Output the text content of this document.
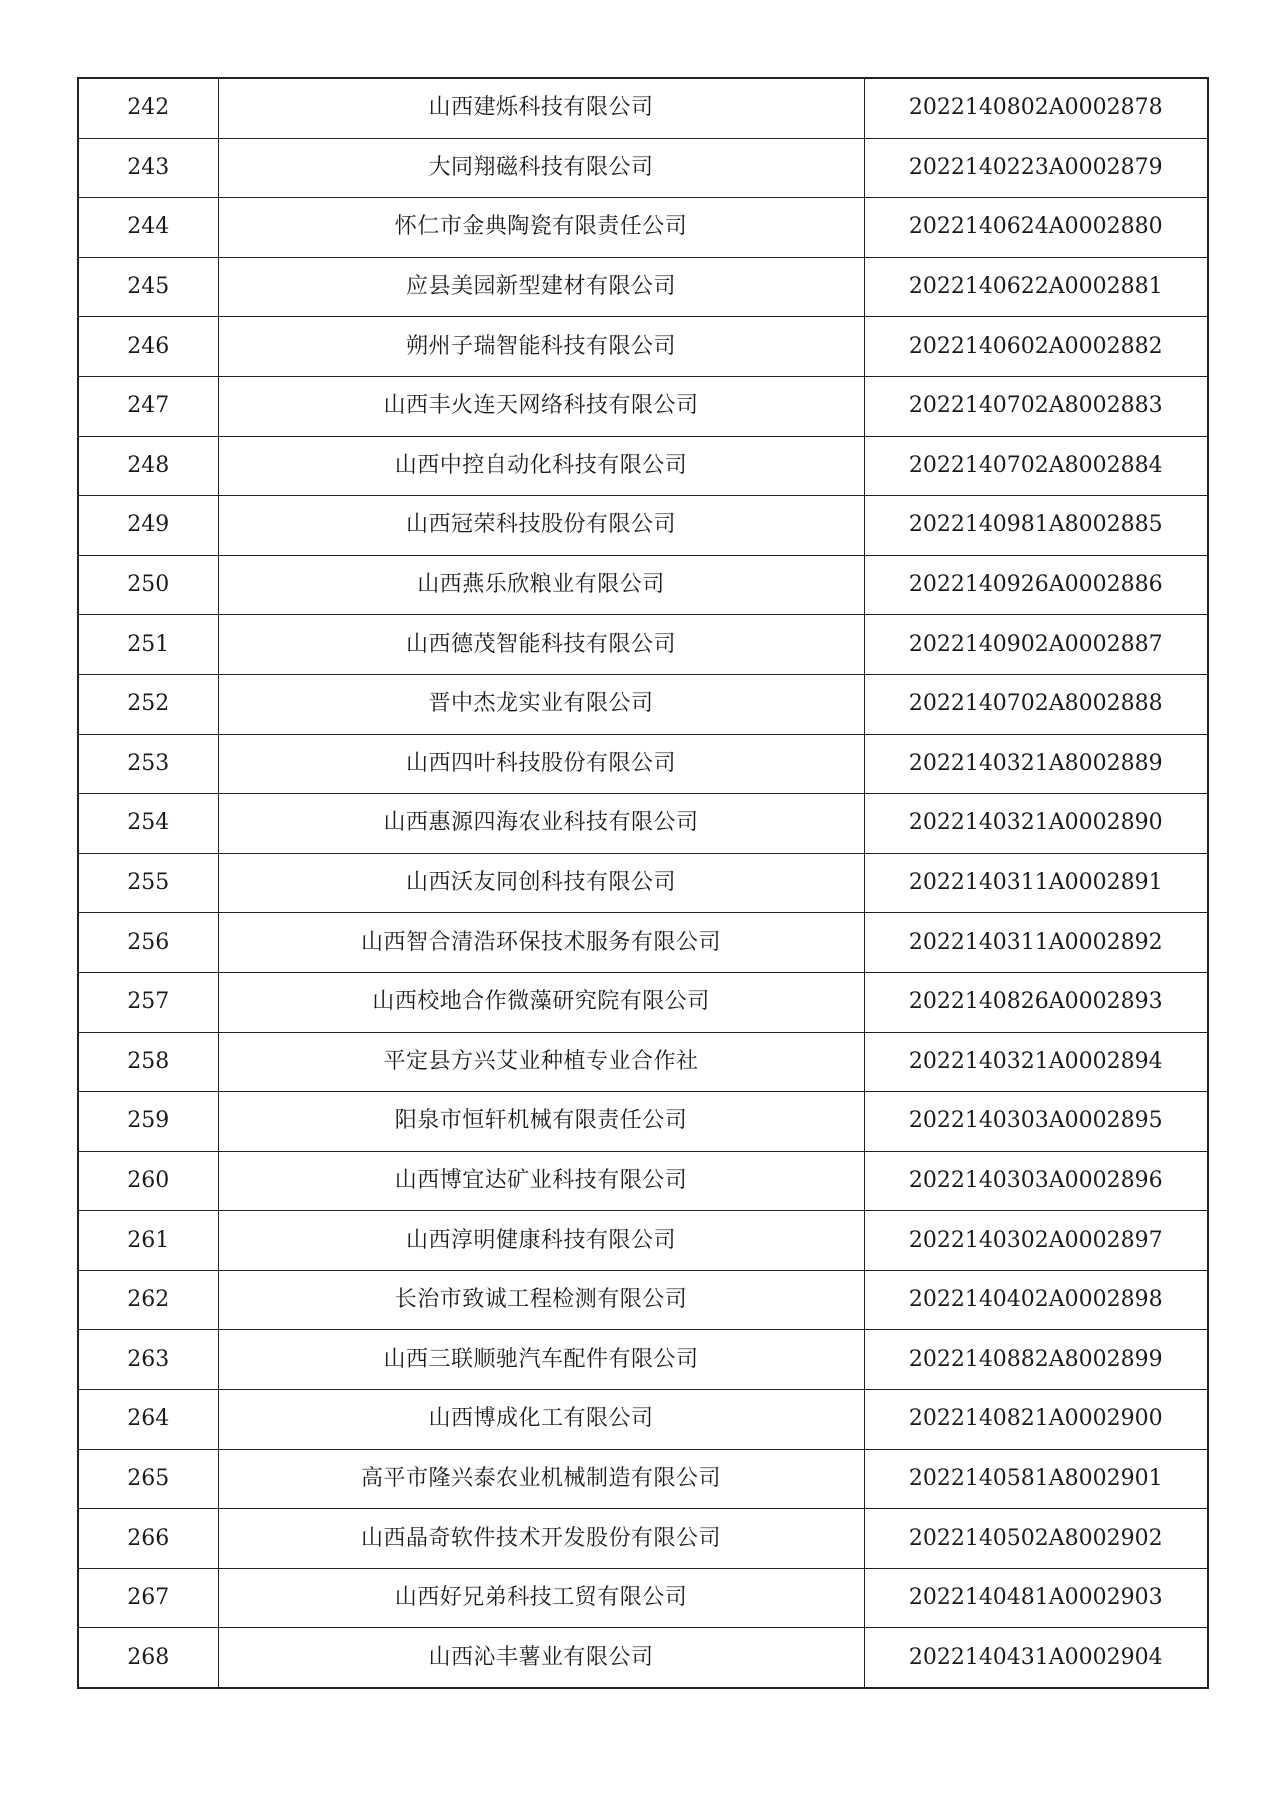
242	山西建烁科技有限公司	2022140802A0002878
243	大同翔磁科技有限公司	2022140223A0002879
244	怀仁市金典陶瓷有限责任公司	2022140624A0002880
245	应县美园新型建材有限公司	2022140622A0002881
246	朔州子瑞智能科技有限公司	2022140602A0002882
247	山西丰火连天网络科技有限公司	2022140702A8002883
248	山西中控自动化科技有限公司	2022140702A8002884
249	山西冠荣科技股份有限公司	2022140981A8002885
250	山西燕乐欣粮业有限公司	2022140926A0002886
251	山西德茂智能科技有限公司	2022140902A0002887
252	晋中杰龙实业有限公司	2022140702A8002888
253	山西四叶科技股份有限公司	2022140321A8002889
254	山西惠源四海农业科技有限公司	2022140321A0002890
255	山西沃友同创科技有限公司	2022140311A0002891
256	山西智合清浩环保技术服务有限公司	2022140311A0002892
257	山西校地合作微藻研究院有限公司	2022140826A0002893
258	平定县方兴艾业种植专业合作社	2022140321A0002894
259	阳泉市恒轩机械有限责任公司	2022140303A0002895
260	山西博宜达矿业科技有限公司	2022140303A0002896
261	山西淳明健康科技有限公司	2022140302A0002897
262	长治市致诚工程检测有限公司	2022140402A0002898
263	山西三联顺驰汽车配件有限公司	2022140882A8002899
264	山西博成化工有限公司	2022140821A0002900
265	高平市隆兴泰农业机械制造有限公司	2022140581A8002901
266	山西晶奇软件技术开发股份有限公司	2022140502A8002902
267	山西好兄弟科技工贸有限公司	2022140481A0002903
268	山西沁丰薯业有限公司	2022140431A0002904
